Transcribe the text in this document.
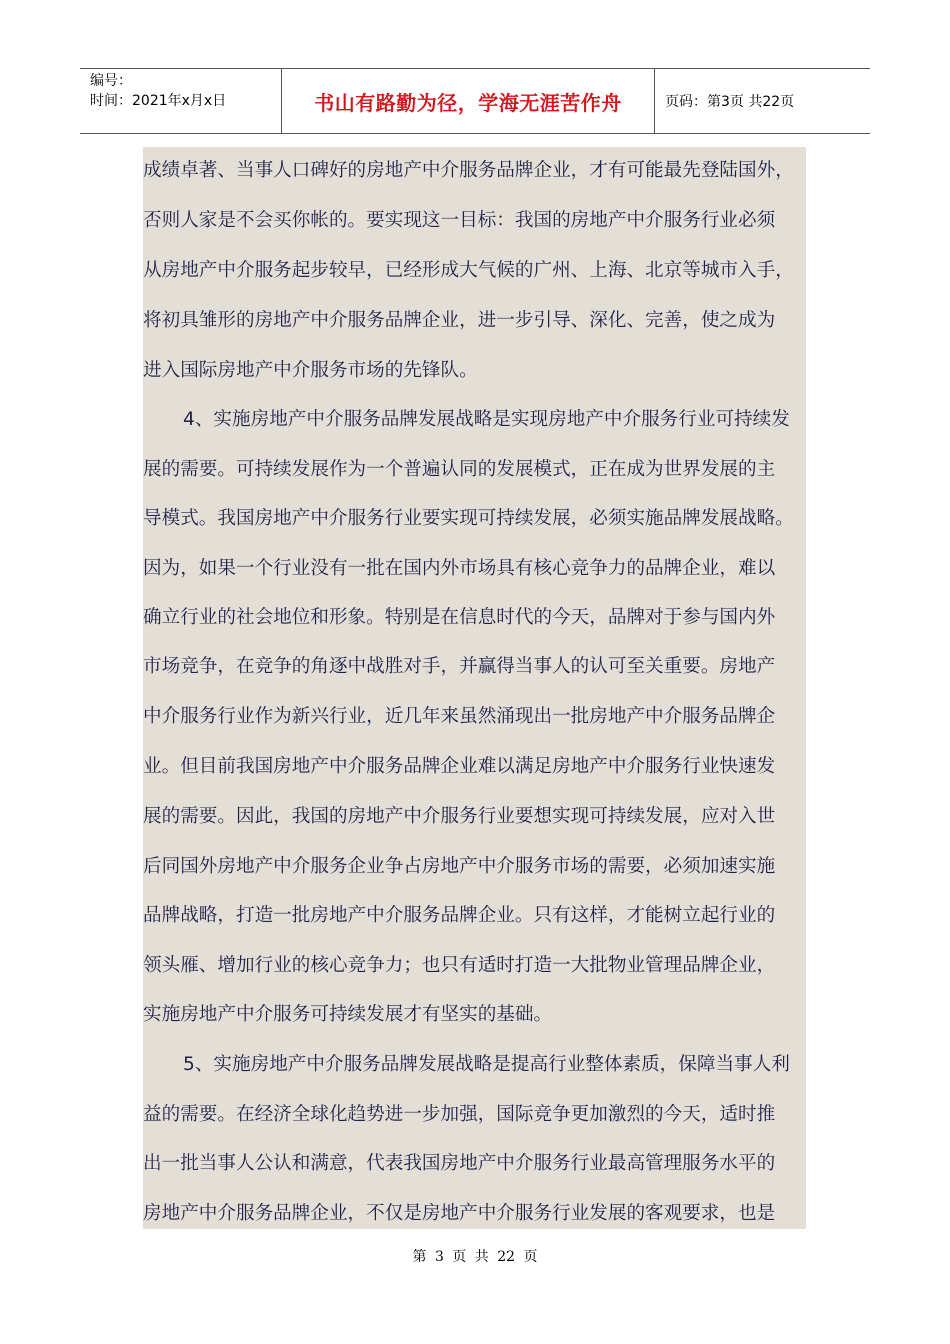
编号：
时间：2021年x月x日	书山有路勤为径，学海无涯苦作舟	页码：第3页 共22页
成绩卓著、当事人口碑好的房地产中介服务品牌企业，才有可能最先登陆国外，
否则人家是不会买你帐的。要实现这一目标：我国的房地产中介服务行业必须
从房地产中介服务起步较早，已经形成大气候的广州、上海、北京等城市入手，
将初具雏形的房地产中介服务品牌企业，进一步引导、深化、完善，使之成为
进入国际房地产中介服务市场的先锋队。
4、实施房地产中介服务品牌发展战略是实现房地产中介服务行业可持续发
展的需要。可持续发展作为一个普遍认同的发展模式，正在成为世界发展的主
导模式。我国房地产中介服务行业要实现可持续发展，必须实施品牌发展战略。
因为，如果一个行业没有一批在国内外市场具有核心竞争力的品牌企业，难以
确立行业的社会地位和形象。特别是在信息时代的今天，品牌对于参与国内外
市场竞争，在竞争的角逐中战胜对手，并赢得当事人的认可至关重要。房地产
中介服务行业作为新兴行业，近几年来虽然涌现出一批房地产中介服务品牌企
业。但目前我国房地产中介服务品牌企业难以满足房地产中介服务行业快速发
展的需要。因此，我国的房地产中介服务行业要想实现可持续发展，应对入世
后同国外房地产中介服务企业争占房地产中介服务市场的需要，必须加速实施
品牌战略，打造一批房地产中介服务品牌企业。只有这样，才能树立起行业的
领头雁、增加行业的核心竞争力；也只有适时打造一大批物业管理品牌企业，
实施房地产中介服务可持续发展才有坚实的基础。
5、实施房地产中介服务品牌发展战略是提高行业整体素质，保障当事人利
益的需要。在经济全球化趋势进一步加强，国际竞争更加激烈的今天，适时推
出一批当事人公认和满意，代表我国房地产中介服务行业最高管理服务水平的
房地产中介服务品牌企业，不仅是房地产中介服务行业发展的客观要求，也是
第 3 页 共 22 页
